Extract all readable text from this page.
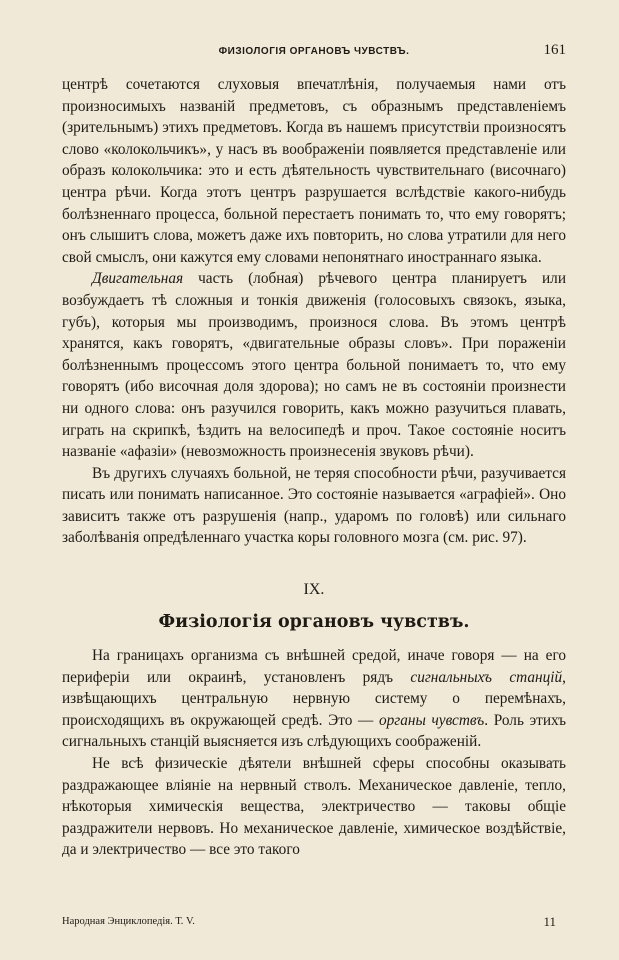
ФИЗІОЛОГІЯ ОРГАНОВЪ ЧУВСТВЪ.	161

центрѣ сочетаются слуховыя впечатлѣнія, получаемыя нами отъ произносимыхъ названій предметовъ, съ образнымъ представленіемъ (зрительнымъ) этихъ предметовъ. Когда въ нашемъ присутствіи произносятъ слово «колокольчикъ», у насъ въ воображеніи появляется представленіе или образъ колокольчика: это и есть дѣятельность чувствительнаго (височнаго) центра рѣчи. Когда этотъ центръ разрушается вслѣдствіе какого-нибудь болѣзненнаго процесса, больной перестаетъ понимать то, что ему говорятъ; онъ слышитъ слова, можетъ даже ихъ повторить, но слова утратили для него свой смыслъ, они кажутся ему словами непонятнаго иностраннаго языка.

Двигательная часть (лобная) рѣчевого центра планируетъ или возбуждаетъ тѣ сложныя и тонкія движенія (голосовыхъ связокъ, языка, губъ), которыя мы производимъ, произнося слова. Въ этомъ центрѣ хранятся, какъ говорятъ, «двигательные образы словъ». При пораженіи болѣзненнымъ процессомъ этого центра больной понимаетъ то, что ему говорятъ (ибо височная доля здорова); но самъ не въ состояніи произнести ни одного слова: онъ разучился говорить, какъ можно разучиться плавать, играть на скрипкѣ, ѣздить на велосипедѣ и проч. Такое состояніе носитъ названіе «афазіи» (невозможность произнесенія звуковъ рѣчи).

Въ другихъ случаяхъ больной, не теряя способности рѣчи, разучивается писать или понимать написанное. Это состояніе называется «аграфіей». Оно зависитъ также отъ разрушенія (напр., ударомъ по головѣ) или сильнаго заболѣванія опредѣленнаго участка коры головного мозга (см. рис. 97).

IX.

Физіологія органовъ чувствъ.

На границахъ организма съ внѣшней средой, иначе говоря — на его периферіи или окраинѣ, установленъ рядъ сигнальныхъ станцій, извѣщающихъ центральную нервную систему о перемѣнахъ, происходящихъ въ окружающей средѣ. Это — органы чувствъ. Роль этихъ сигнальныхъ станцій выясняется изъ слѣдующихъ соображеній.

Не всѣ физическіе дѣятели внѣшней сферы способны оказывать раздражающее вліяніе на нервный стволъ. Механическое давленіе, тепло, нѣкоторыя химическія вещества, электричество — таковы общіе раздражители нервовъ. Но механическое давленіе, химическое воздѣйствіе, да и электричество — все это такого

Народная Энциклопедія. Т. V.	11
